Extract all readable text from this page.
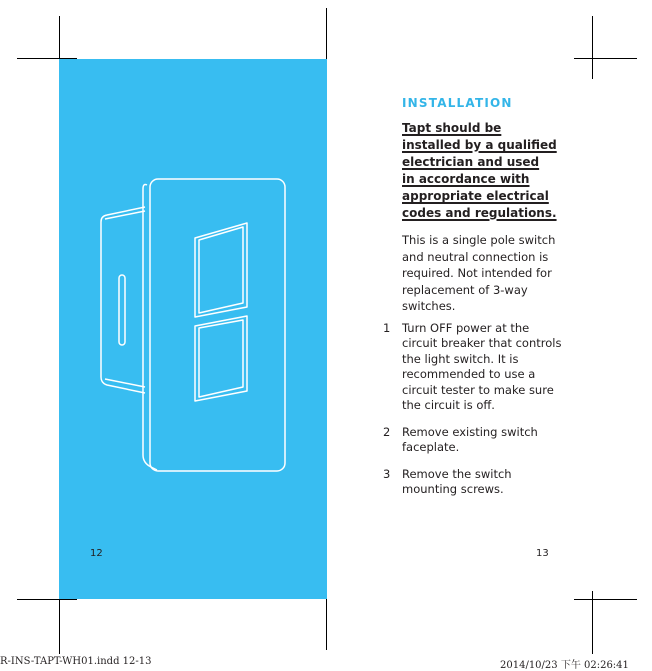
12	13
INSTALLATION
Tapt should be
installed by a qualified
electrician and used
in accordance with
appropriate electrical
codes and regulations.

This is a single pole switch and neutral connection is required. Not intended for replacement of 3-way switches.

1 Turn OFF power at the circuit breaker that controls the light switch. It is recommended to use a circuit tester to make sure the circuit is off.
2 Remove existing switch faceplate.
3 Remove the switch mounting screws.
R-INS-TAPT-WH01.indd 12-13	2014/10/23 下午 02:26:41
